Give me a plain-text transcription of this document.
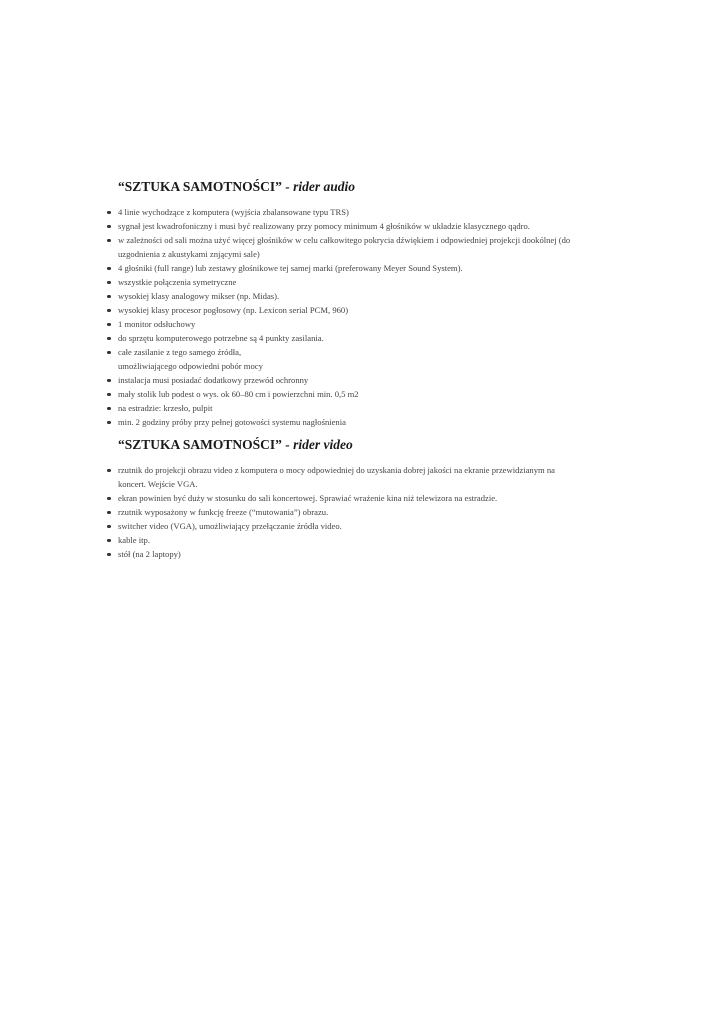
“SZTUKA SAMOTNOŚCI” - rider audio
4 linie wychodzące z komputera (wyjścia zbalansowane typu TRS)
sygnał jest kwadrofoniczny i musi być realizowany przy pomocy minimum 4 głośników w układzie klasycznego qądro.
w zależności od sali można użyć więcej głośników w celu całkowitego pokrycia dźwiękiem i odpowiedniej projekcji dookólnej (do
uzgodnienia z akustykami znjącymi sale)
4 głośniki (full range) lub zestawy głośnikowe tej samej marki (preferowany Meyer Sound System).
wszystkie połączenia symetryczne
wysokiej klasy analogowy mikser (np. Midas).
wysokiej klasy procesor pogłosowy (np. Lexicon serial PCM, 960)
1 monitor odsłuchowy
do sprzętu komputerowego potrzebne są 4 punkty zasilania.
całe zasilanie z tego samego źródła,
umożliwiającego odpowiedni pobór mocy
instalacja musi posiadać dodatkowy przewód ochronny
mały stolik lub podest o wys. ok 60–80 cm i powierzchni min. 0,5 m2
na estradzie: krzesło, pulpit
min. 2 godziny próby przy pełnej gotowości systemu nagłośnienia
“SZTUKA SAMOTNOŚCI” - rider video
rzutnik do projekcji obrazu video z komputera o mocy odpowiedniej do uzyskania dobrej jakości na ekranie przewidzianym na
koncert. Wejście VGA.
ekran powinien być duży w stosunku do sali koncertowej. Sprawiać wrażenie kina niż telewizora na estradzie.
rzutnik wyposażony w funkcję freeze (“mutowania”) obrazu.
switcher video (VGA), umożliwiający przełączanie źródła video.
kable itp.
stół (na 2 laptopy)
